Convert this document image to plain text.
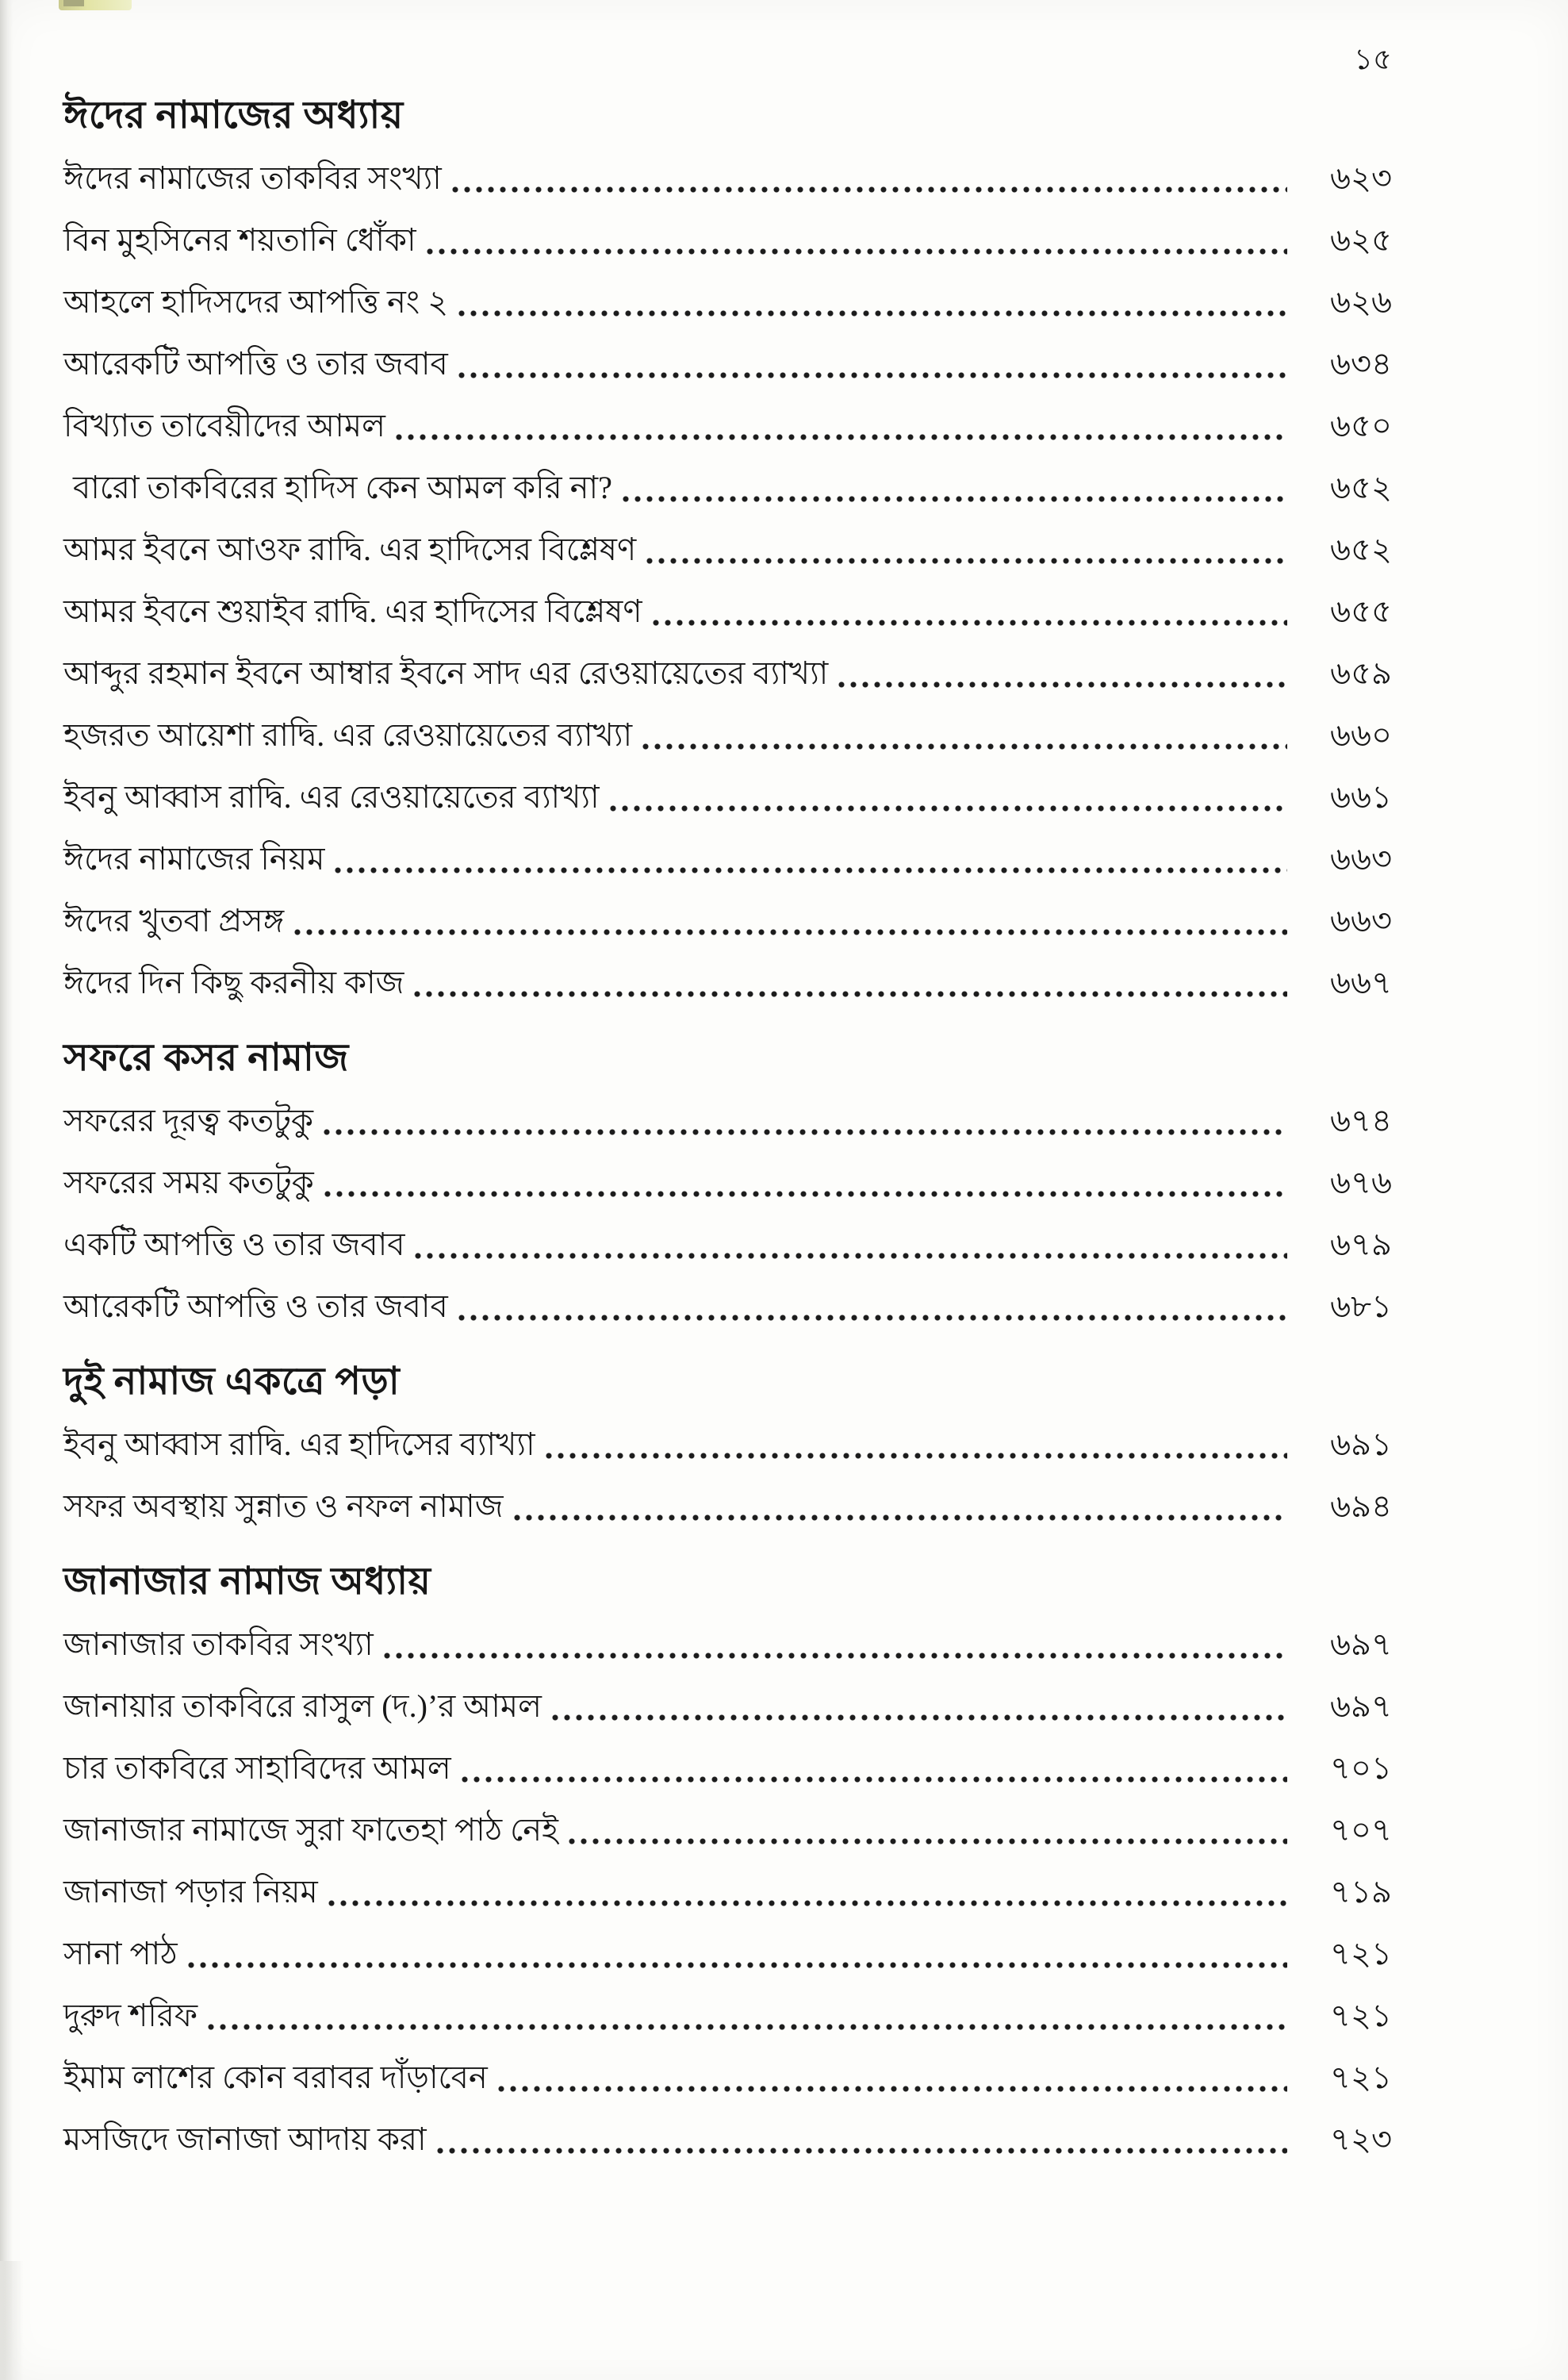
১৫
ঈদের নামাজের অধ্যায়
ঈদের নামাজের তাকবির সংখ্যা	৬২৩
বিন মুহসিনের শয়তানি ধোঁকা	৬২৫
আহলে হাদিসদের আপত্তি নং ২	৬২৬
আরেকটি আপত্তি ও তার জবাব	৬৩৪
বিখ্যাত তাবেয়ীদের আমল	৬৫০
বারো তাকবিরের হাদিস কেন আমল করি না?	৬৫২
আমর ইবনে আওফ রাদ্বি. এর হাদিসের বিশ্লেষণ	৬৫২
আমর ইবনে শুয়াইব রাদ্বি. এর হাদিসের বিশ্লেষণ	৬৫৫
আব্দুর রহমান ইবনে আম্বার ইবনে সাদ এর রেওয়ায়েতের ব্যাখ্যা	৬৫৯
হজরত আয়েশা রাদ্বি. এর রেওয়ায়েতের ব্যাখ্যা	৬৬০
ইবনু আব্বাস রাদ্বি. এর রেওয়ায়েতের ব্যাখ্যা	৬৬১
ঈদের নামাজের নিয়ম	৬৬৩
ঈদের খুতবা প্রসঙ্গ	৬৬৩
ঈদের দিন কিছু করনীয় কাজ	৬৬৭
সফরে কসর নামাজ
সফরের দূরত্ব কতটুকু	৬৭৪
সফরের সময় কতটুকু	৬৭৬
একটি আপত্তি ও তার জবাব	৬৭৯
আরেকটি আপত্তি ও তার জবাব	৬৮১
দুই নামাজ একত্রে পড়া
ইবনু আব্বাস রাদ্বি. এর হাদিসের ব্যাখ্যা	৬৯১
সফর অবস্থায় সুন্নাত ও নফল নামাজ	৬৯৪
জানাজার নামাজ অধ্যায়
জানাজার তাকবির সংখ্যা	৬৯৭
জানায়ার তাকবিরে রাসুল (দ.)’র আমল	৬৯৭
চার তাকবিরে সাহাবিদের আমল	৭০১
জানাজার নামাজে সুরা ফাতেহা পাঠ নেই	৭০৭
জানাজা পড়ার নিয়ম	৭১৯
সানা পাঠ	৭২১
দুরুদ শরিফ	৭২১
ইমাম লাশের কোন বরাবর দাঁড়াবেন	৭২১
মসজিদে জানাজা আদায় করা	৭২৩
